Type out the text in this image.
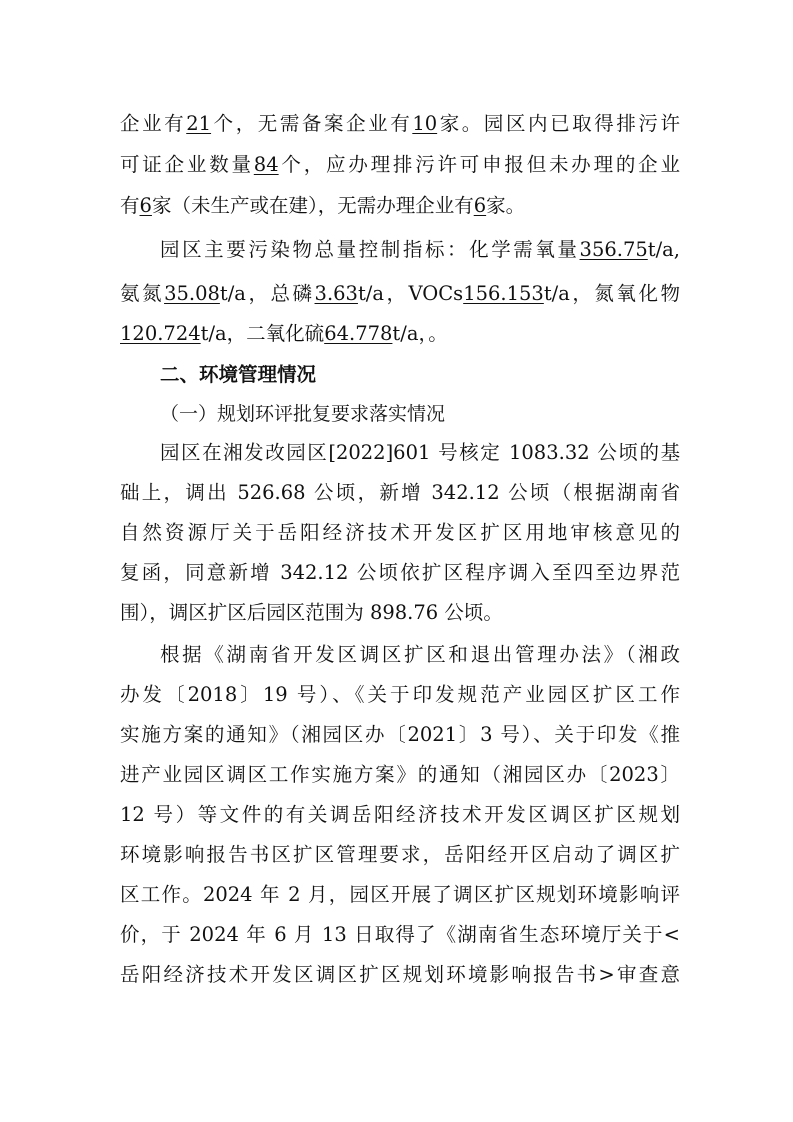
企业有21个，无需备案企业有10家。园区内已取得排污许
可证企业数量84个，应办理排污许可申报但未办理的企业
有6家（未生产或在建），无需办理企业有6家。
园区主要污染物总量控制指标：化学需氧量356.75t/a,
氨氮35.08t/a，总磷3.63t/a，VOCs156.153t/a，氮氧化物
120.724t/a，二氧化硫64.778t/a，。
二、环境管理情况
（一）规划环评批复要求落实情况
园区在湘发改园区[2022]601 号核定 1083.32 公顷的基
础上，调出 526.68 公顷，新增 342.12 公顷（根据湖南省
自然资源厅关于岳阳经济技术开发区扩区用地审核意见的
复函，同意新增 342.12 公顷依扩区程序调入至四至边界范
围），调区扩区后园区范围为 898.76 公顷。
根据《湖南省开发区调区扩区和退出管理办法》（湘政
办发〔2018〕19 号）、《关于印发规范产业园区扩区工作
实施方案的通知》（湘园区办〔2021〕3 号）、关于印发《推
进产业园区调区工作实施方案》的通知（湘园区办〔2023〕
12 号）等文件的有关调岳阳经济技术开发区调区扩区规划
环境影响报告书区扩区管理要求，岳阳经开区启动了调区扩
区工作。2024 年 2 月，园区开展了调区扩区规划环境影响评
价，于 2024 年 6 月 13 日取得了《湖南省生态环境厅关于<
岳阳经济技术开发区调区扩区规划环境影响报告书>审查意
